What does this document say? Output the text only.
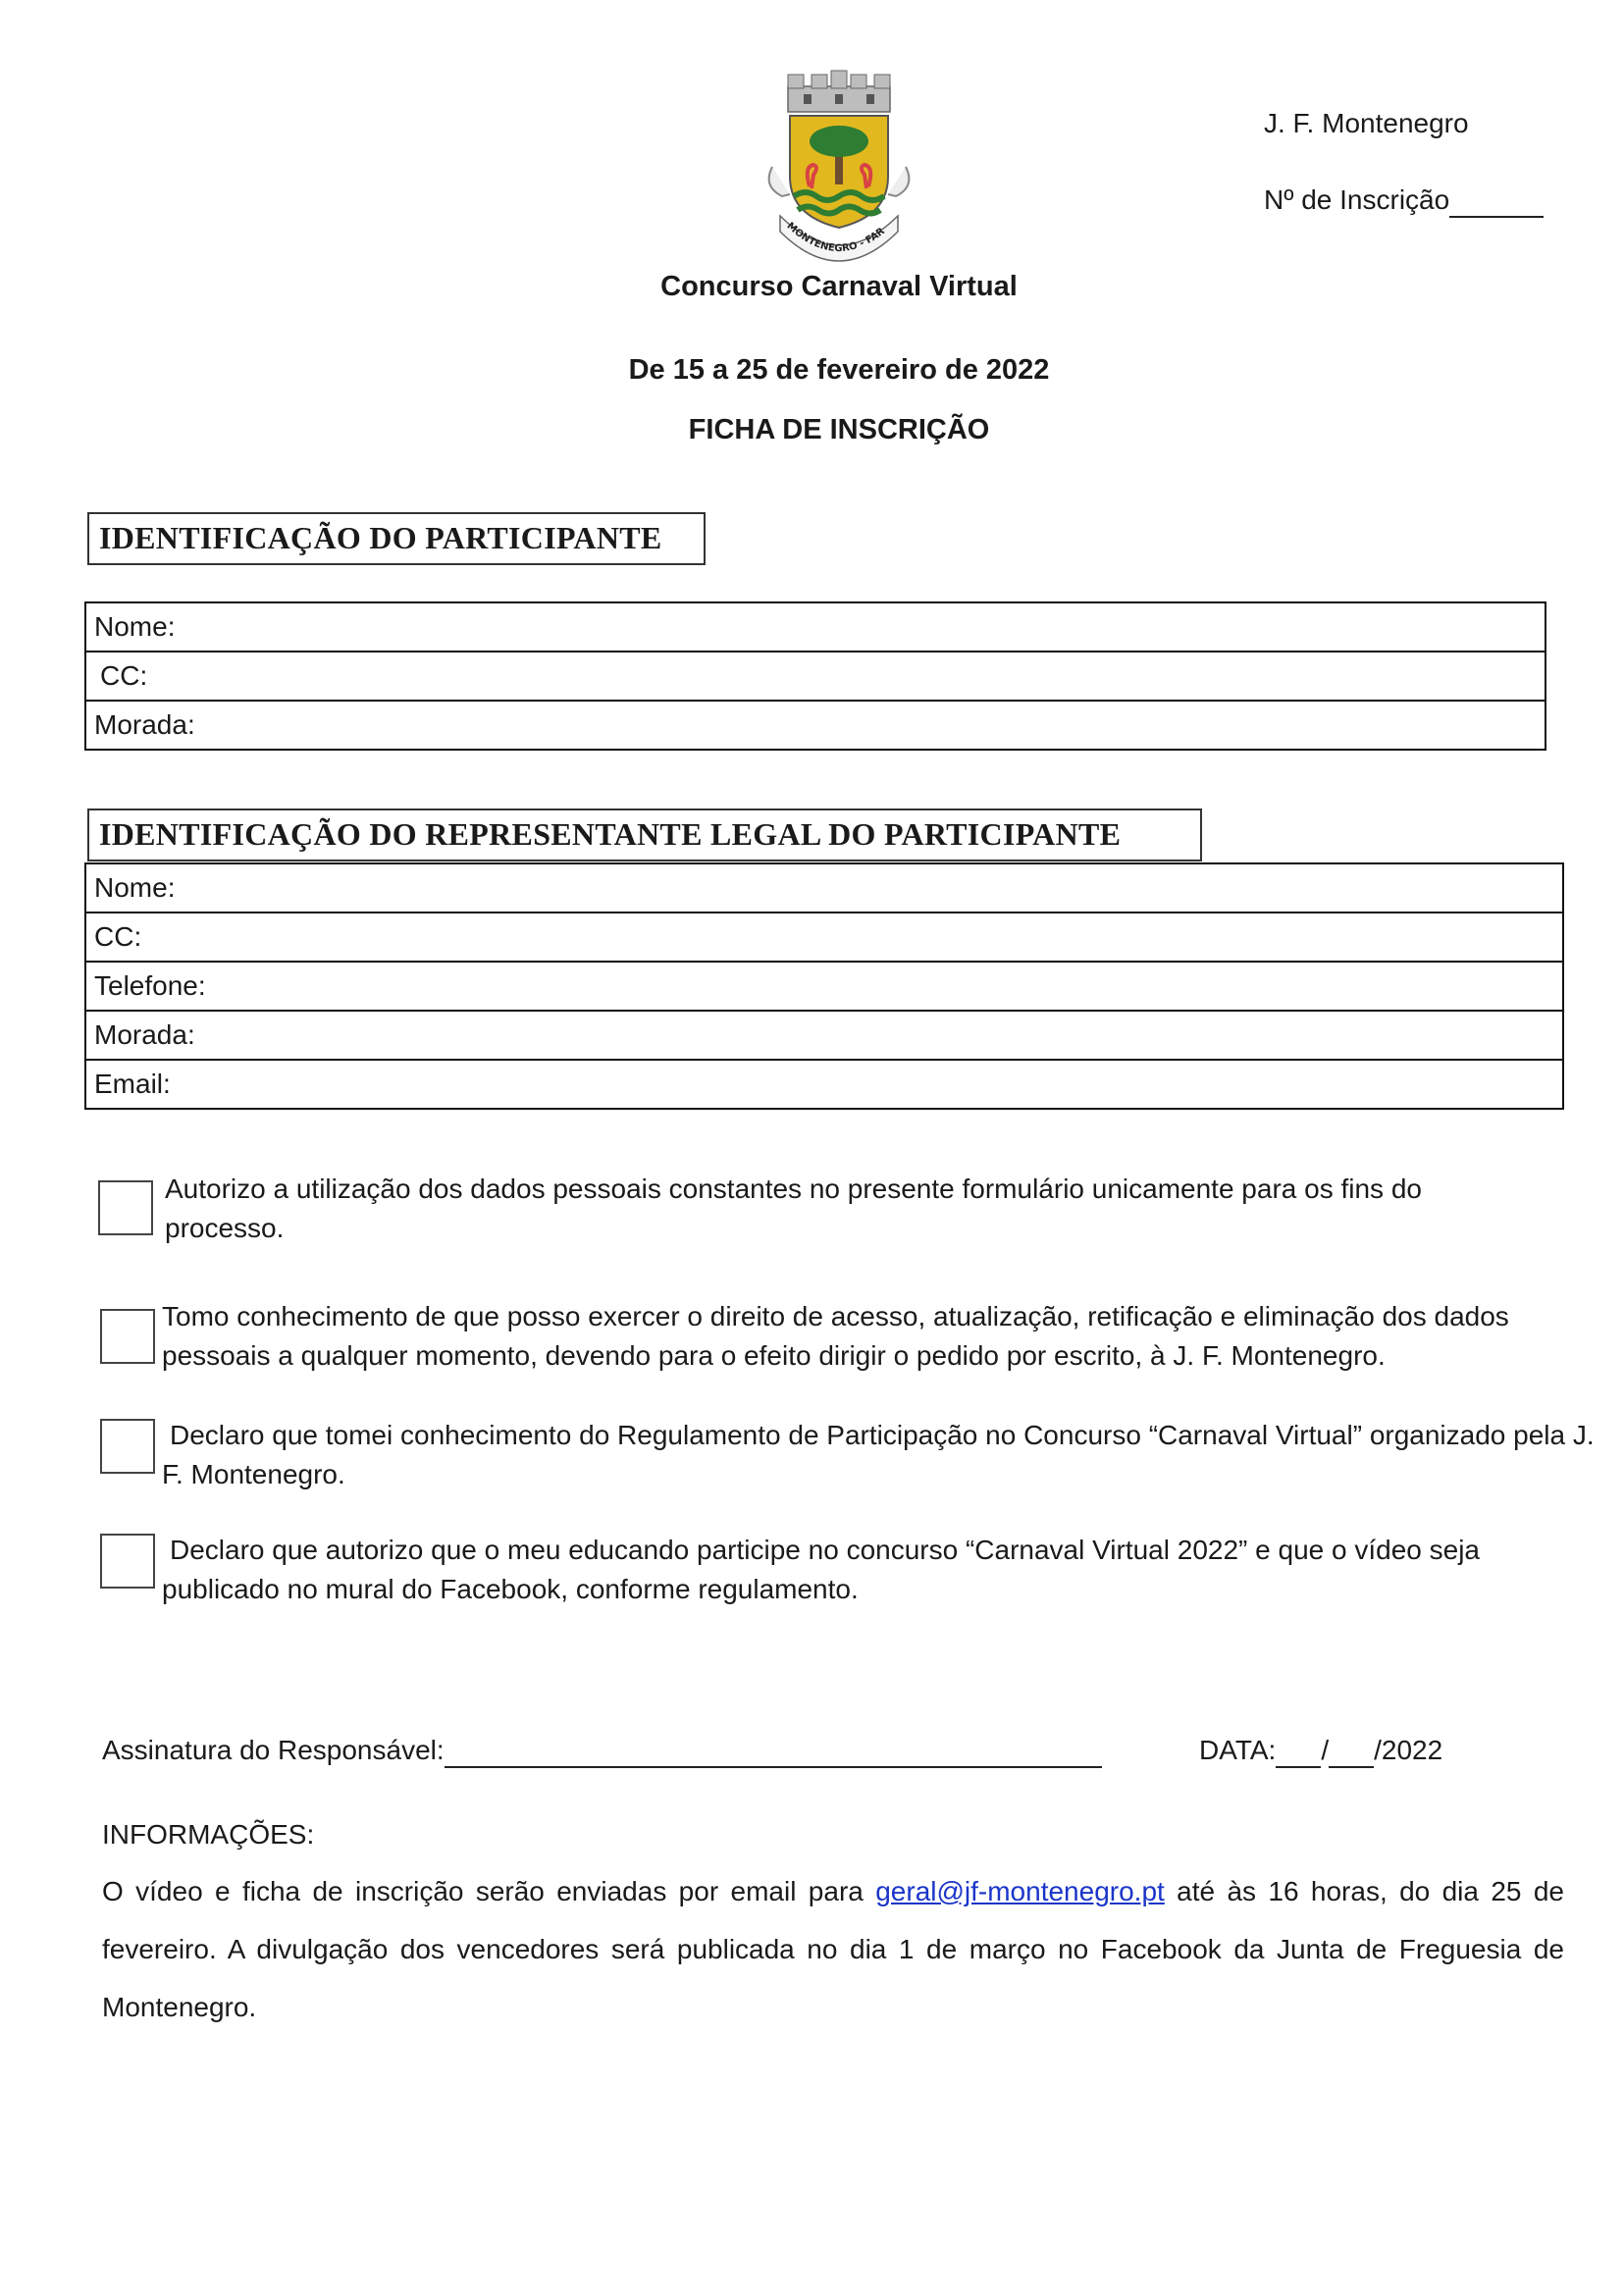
MONTENEGRO - FAR
J. F. Montenegro
Nº de Inscrição
Concurso Carnaval Virtual
De 15 a 25 de fevereiro de 2022
FICHA DE INSCRIÇÃO
IDENTIFICAÇÃO DO PARTICIPANTE
Nome:
CC:
Morada:
IDENTIFICAÇÃO DO REPRESENTANTE LEGAL DO PARTICIPANTE
Nome:
CC:
Telefone:
Morada:
Email:
Autorizo a utilização dos dados pessoais constantes no presente formulário unicamente para os fins do processo.
Tomo conhecimento de que posso exercer o direito de acesso, atualização, retificação e eliminação dos dados pessoais a qualquer momento, devendo para o efeito dirigir o pedido por escrito, à J. F. Montenegro.
Declaro que tomei conhecimento do Regulamento de Participação no Concurso “Carnaval Virtual” organizado pela J. F. Montenegro.
Declaro que autorizo que o meu educando participe no concurso “Carnaval Virtual 2022” e que o vídeo seja publicado no mural do Facebook, conforme regulamento.
Assinatura do Responsável:	DATA: / /2022
INFORMAÇÕES:
O vídeo e ficha de inscrição serão enviadas por email para geral@jf-montenegro.pt até às 16 horas, do dia 25 de fevereiro. A divulgação dos vencedores será publicada no dia 1 de março no Facebook da Junta de Freguesia de Montenegro.
